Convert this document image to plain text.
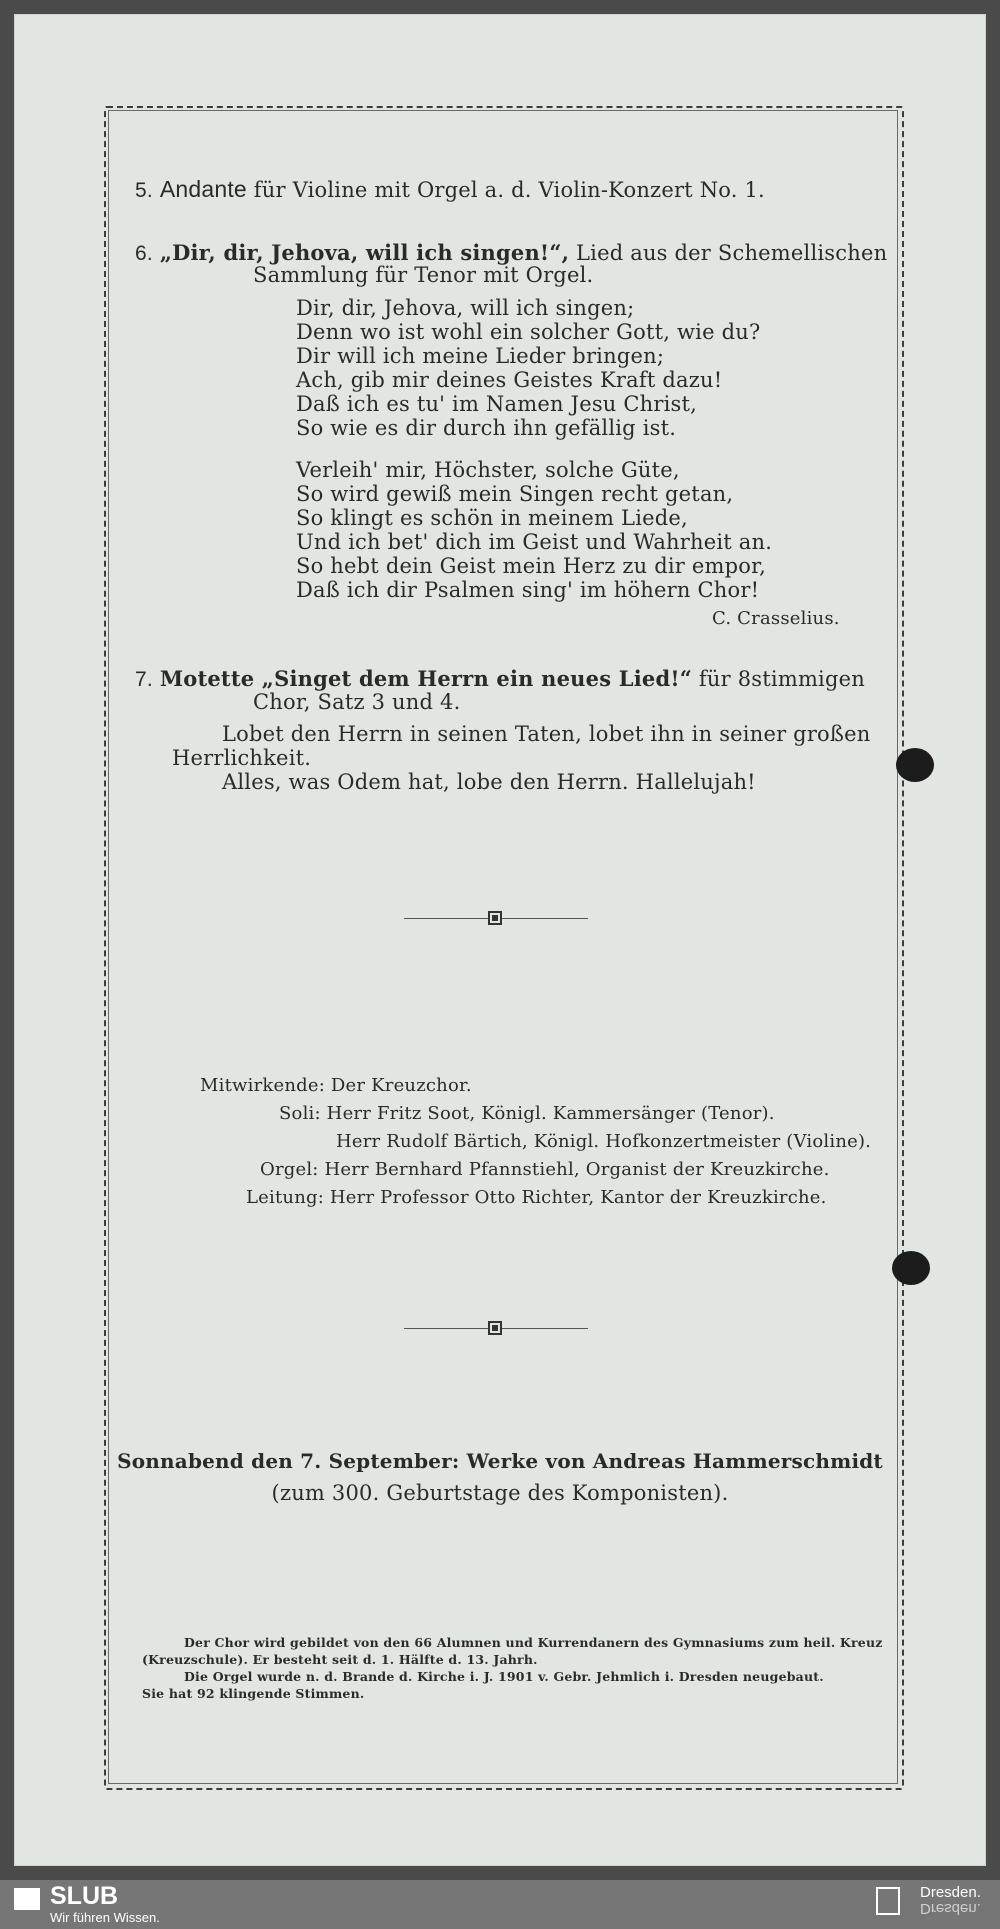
5. Andante für Violine mit Orgel a. d. Violin-Konzert No. 1.
6. „Dir, dir, Jehova, will ich singen!“, Lied aus der Schemellischen
Sammlung für Tenor mit Orgel.
Dir, dir, Jehova, will ich singen;
Denn wo ist wohl ein solcher Gott, wie du?
Dir will ich meine Lieder bringen;
Ach, gib mir deines Geistes Kraft dazu!
Daß ich es tu' im Namen Jesu Christ,
So wie es dir durch ihn gefällig ist.
Verleih' mir, Höchster, solche Güte,
So wird gewiß mein Singen recht getan,
So klingt es schön in meinem Liede,
Und ich bet' dich im Geist und Wahrheit an.
So hebt dein Geist mein Herz zu dir empor,
Daß ich dir Psalmen sing' im höhern Chor!
C. Crasselius.
7. Motette „Singet dem Herrn ein neues Lied!“ für 8stimmigen
Chor, Satz 3 und 4.
Lobet den Herrn in seinen Taten, lobet ihn in seiner großen
Herrlichkeit.
Alles, was Odem hat, lobe den Herrn. Hallelujah!
Mitwirkende: Der Kreuzchor.
Soli: Herr Fritz Soot, Königl. Kammersänger (Tenor).
Herr Rudolf Bärtich, Königl. Hofkonzertmeister (Violine).
Orgel: Herr Bernhard Pfannstiehl, Organist der Kreuzkirche.
Leitung: Herr Professor Otto Richter, Kantor der Kreuzkirche.
Sonnabend den 7. September: Werke von Andreas Hammerschmidt
(zum 300. Geburtstage des Komponisten).
Der Chor wird gebildet von den 66 Alumnen und Kurrendanern des Gymnasiums zum heil. Kreuz
(Kreuzschule). Er besteht seit d. 1. Hälfte d. 13. Jahrh.
Die Orgel wurde n. d. Brande d. Kirche i. J. 1901 v. Gebr. Jehmlich i. Dresden neugebaut.
Sie hat 92 klingende Stimmen.
SLUB
Wir führen Wissen.
Dresden.
Dresden.
